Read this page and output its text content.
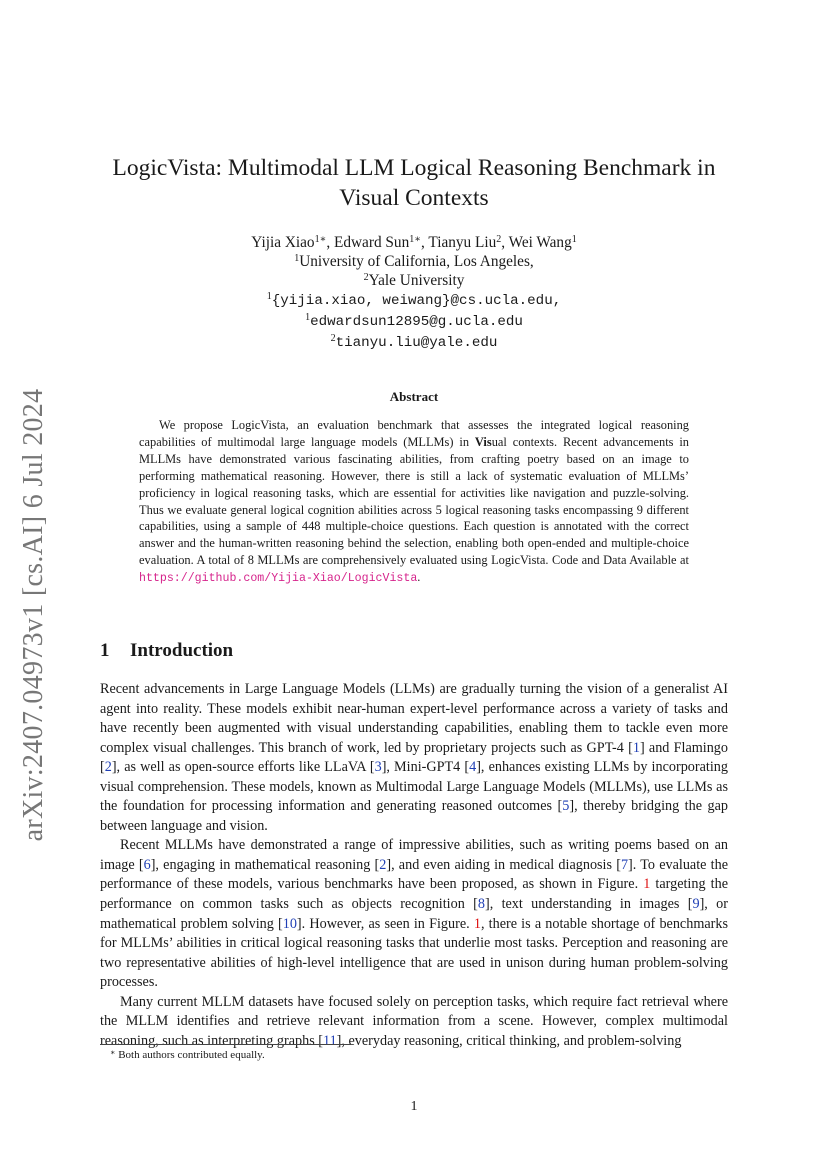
arXiv:2407.04973v1 [cs.AI] 6 Jul 2024
LogicVista: Multimodal LLM Logical Reasoning Benchmark in
Visual Contexts
Yijia Xiao$^{1∗}$, Edward Sun$^{1∗}$, Tianyu Liu$^2$, Wei Wang$^1$
$^1$University of California, Los Angeles,
$^2$Yale University
$^1${yijia.xiao, weiwang}@cs.ucla.edu,
$^1$edwardsun12895@g.ucla.edu
$^2$tianyu.liu@yale.edu
Abstract

We propose LogicVista, an evaluation benchmark that assesses the integrated logical reasoning capabilities of multimodal large language models (MLLMs) in Visual contexts. Recent advancements in MLLMs have demonstrated various fascinating abilities, from crafting poetry based on an image to performing mathematical reasoning. However, there is still a lack of systematic evaluation of MLLMs’ proficiency in logical reasoning tasks, which are essential for activities like navigation and puzzle-solving. Thus we evaluate general logical cognition abilities across 5 logical reasoning tasks encompassing 9 different capabilities, using a sample of 448 multiple-choice questions. Each question is annotated with the correct answer and the human-written reasoning behind the selection, enabling both open-ended and multiple-choice evaluation. A total of 8 MLLMs are comprehensively evaluated using LogicVista. Code and Data Available at https://github.com/Yijia-Xiao/LogicVista.

1 Introduction

Recent advancements in Large Language Models (LLMs) are gradually turning the vision of a generalist AI agent into reality. These models exhibit near-human expert-level performance across a variety of tasks and have recently been augmented with visual understanding capabilities, enabling them to tackle even more complex visual challenges. This branch of work, led by proprietary projects such as GPT-4 [1] and Flamingo [2], as well as open-source efforts like LLaVA [3], Mini-GPT4 [4], enhances existing LLMs by incorporating visual comprehension. These models, known as Multimodal Large Language Models (MLLMs), use LLMs as the foundation for processing information and generating reasoned outcomes [5], thereby bridging the gap between language and vision.

Recent MLLMs have demonstrated a range of impressive abilities, such as writing poems based on an image [6], engaging in mathematical reasoning [2], and even aiding in medical diagnosis [7]. To evaluate the performance of these models, various benchmarks have been proposed, as shown in Figure. 1 targeting the performance on common tasks such as objects recognition [8], text understanding in images [9], or mathematical problem solving [10]. However, as seen in Figure. 1, there is a notable shortage of benchmarks for MLLMs’ abilities in critical logical reasoning tasks that underlie most tasks. Perception and reasoning are two representative abilities of high-level intelligence that are used in unison during human problem-solving processes.

Many current MLLM datasets have focused solely on perception tasks, which require fact retrieval where the MLLM identifies and retrieve relevant information from a scene. However, complex multimodal reasoning, such as interpreting graphs [11], everyday reasoning, critical thinking, and problem-solving

∗ Both authors contributed equally.
1
